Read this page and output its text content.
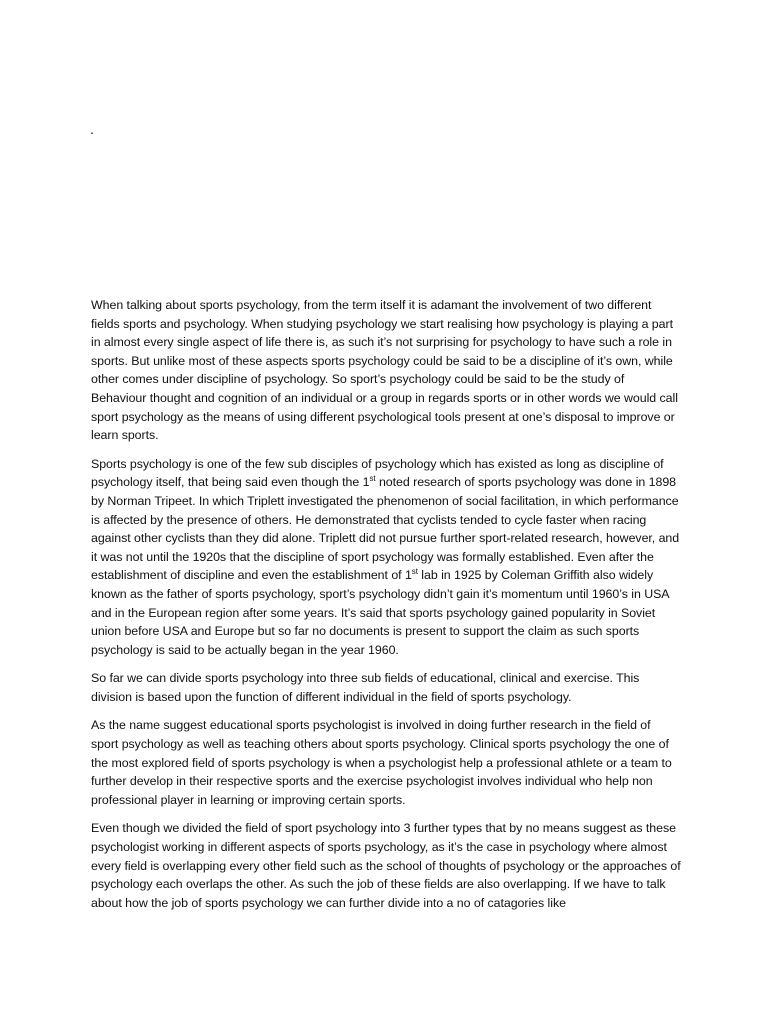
.

When talking about sports psychology, from the term itself it is adamant the involvement of two different fields sports and psychology. When studying psychology we start realising how psychology is playing a part in almost every single aspect of life there is, as such it’s not surprising for psychology to have such a role in sports. But unlike most of these aspects sports psychology could be said to be a discipline of it’s own, while other comes under discipline of psychology. So sport’s psychology could be said to be the study of Behaviour thought and cognition of an individual or a group in regards sports or in other words we would call sport psychology as the means of using different psychological tools present at one’s disposal to improve or learn sports.

Sports psychology is one of the few sub disciples of psychology which has existed as long as discipline of psychology itself, that being said even though the 1st noted research of sports psychology was done in 1898 by Norman Tripeet. In which Triplett investigated the phenomenon of social facilitation, in which performance is affected by the presence of others. He demonstrated that cyclists tended to cycle faster when racing against other cyclists than they did alone. Triplett did not pursue further sport-related research, however, and it was not until the 1920s that the discipline of sport psychology was formally established. Even after the establishment of discipline and even the establishment of 1st lab in 1925 by Coleman Griffith also widely known as the father of sports psychology, sport’s psychology didn’t gain it’s momentum until 1960’s in USA and in the European region after some years. It’s said that sports psychology gained popularity in Soviet union before USA and Europe but so far no documents is present to support the claim as such sports psychology is said to be actually began in the year 1960.

So far we can divide sports psychology into three sub fields of educational, clinical and exercise. This division is based upon the function of different individual in the field of sports psychology.

As the name suggest educational sports psychologist is involved in doing further research in the field of sport psychology as well as teaching others about sports psychology. Clinical sports psychology the one of the most explored field of sports psychology is when a psychologist help a professional athlete or a team to further develop in their respective sports and the exercise psychologist involves individual who help non professional player in learning or improving certain sports.

Even though we divided the field of sport psychology into 3 further types that by no means suggest as these psychologist working in different aspects of sports psychology, as it’s the case in psychology where almost every field is overlapping every other field such as the school of thoughts of psychology or the approaches of psychology each overlaps the other. As such the job of these fields are also overlapping. If we have to talk about how the job of sports psychology we can further divide into a no of catagories like
